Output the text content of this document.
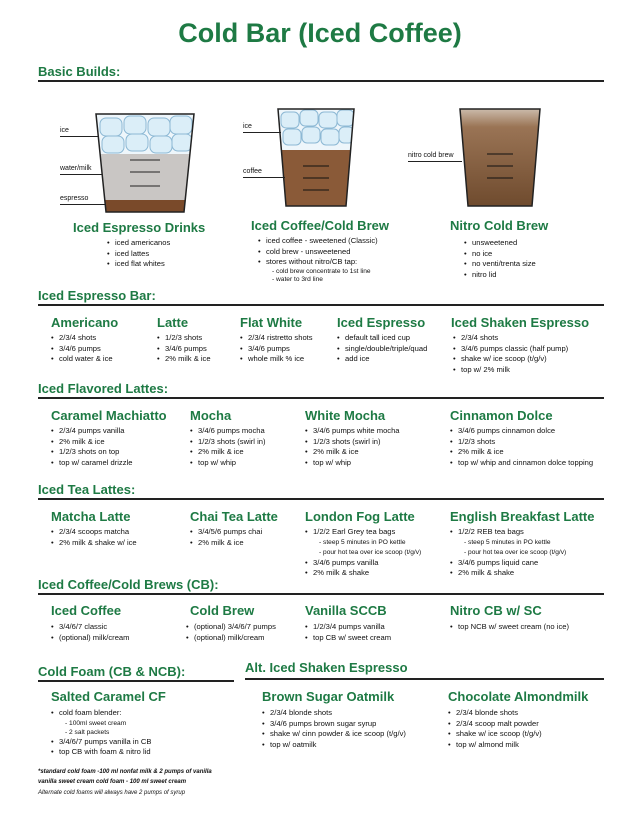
Cold Bar (Iced Coffee)
Basic Builds:
ice
water/milk
espresso
Iced Espresso Drinks
• iced americanos
• iced lattes
• iced flat whites
ice
coffee
Iced Coffee/Cold Brew
• iced coffee - sweetened (Classic)
• cold brew - unsweetened
• stores without nitro/CB tap:
- cold brew concentrate to 1st line
- water to 3rd line
nitro cold brew
Nitro Cold Brew
• unsweetened
• no ice
• no venti/trenta size
• nitro lid
Iced Espresso Bar:
Americano
• 2/3/4 shots
• 3/4/6 pumps
• cold water & ice
Latte
• 1/2/3 shots
• 3/4/6 pumps
• 2% milk & ice
Flat White
• 2/3/4 ristretto shots
• 3/4/6 pumps
• whole milk % ice
Iced Espresso
• default tall iced cup
• single/double/triple/quad
• add ice
Iced Shaken Espresso
• 2/3/4 shots
• 3/4/6 pumps classic (half pump)
• shake w/ ice scoop (t/g/v)
• top w/ 2% milk
Iced Flavored Lattes:
Caramel Machiatto
• 2/3/4 pumps vanilla
• 2% milk & ice
• 1/2/3 shots on top
• top w/ caramel drizzle
Mocha
• 3/4/6 pumps mocha
• 1/2/3 shots (swirl in)
• 2% milk & ice
• top w/ whip
White Mocha
• 3/4/6 pumps white mocha
• 1/2/3 shots (swirl in)
• 2% milk & ice
• top w/ whip
Cinnamon Dolce
• 3/4/6 pumps cinnamon dolce
• 1/2/3 shots
• 2% milk & ice
• top w/ whip and cinnamon dolce topping
Iced Tea Lattes:
Matcha Latte
• 2/3/4 scoops matcha
• 2% milk & shake w/ ice
Chai Tea Latte
• 3/4/5/6 pumps chai
• 2% milk & ice
London Fog Latte
• 1/2/2 Earl Grey tea bags
- steep 5 minutes in PO kettle
- pour hot tea over ice scoop (t/g/v)
• 3/4/6 pumps vanilla
• 2% milk & shake
English Breakfast Latte
• 1/2/2 REB tea bags
- steep 5 minutes in PO kettle
- pour hot tea over ice scoop (t/g/v)
• 3/4/6 pumps liquid cane
• 2% milk & shake
Iced Coffee/Cold Brews (CB):
Iced Coffee
• 3/4/6/7 classic
• (optional) milk/cream
Cold Brew
• (optional) 3/4/6/7 pumps
• (optional) milk/cream
Vanilla SCCB
• 1/2/3/4 pumps vanilla
• top CB w/ sweet cream
Nitro CB w/ SC
• top NCB w/ sweet cream (no ice)
Cold Foam (CB & NCB):
Salted Caramel CF
• cold foam blender:
- 100ml sweet cream
- 2 salt packets
• 3/4/6/7 pumps vanilla in CB
• top CB with foam & nitro lid
*standard cold foam -100 ml nonfat milk & 2 pumps of vanilla
vanilla sweet cream cold foam - 100 ml sweet cream
Alternate cold foams will always have 2 pumps of syrup
Alt. Iced Shaken Espresso
Brown Sugar Oatmilk
• 2/3/4 blonde shots
• 3/4/6 pumps brown sugar syrup
• shake w/ cinn powder & ice scoop (t/g/v)
• top w/ oatmilk
Chocolate Almondmilk
• 2/3/4 blonde shots
• 2/3/4 scoop malt powder
• shake w/ ice scoop (t/g/v)
• top w/ almond milk
